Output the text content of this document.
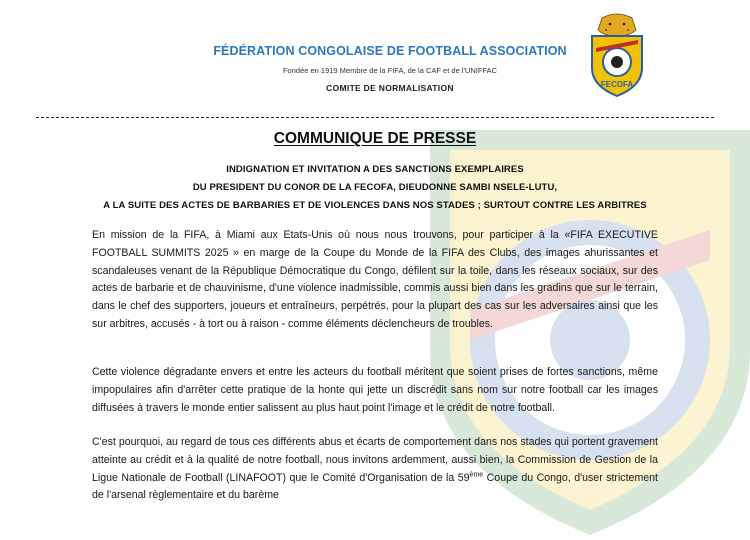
FÉDÉRATION CONGOLAISE DE FOOTBALL ASSOCIATION
Fondée en 1919 Membre de la FIFA, de la CAF et de l'UNIFFAC
COMITE DE NORMALISATION	FECOFA
COMMUNIQUE DE PRESSE
INDIGNATION ET INVITATION A DES SANCTIONS EXEMPLAIRES
DU PRESIDENT DU CONOR DE LA FECOFA, DIEUDONNE SAMBI NSELE-LUTU,
A LA SUITE DES ACTES DE BARBARIES ET DE VIOLENCES DANS NOS STADES ; SURTOUT CONTRE LES ARBITRES
En mission de la FIFA, à Miami aux Etats-Unis où nous nous trouvons, pour participer à la «FIFA EXECUTIVE FOOTBALL SUMMITS 2025 » en marge de la Coupe du Monde de la FIFA des Clubs, des images ahurissantes et scandaleuses venant de la République Démocratique du Congo, défilent sur la toile, dans les réseaux sociaux, sur des actes de barbarie et de chauvinisme, d'une violence inadmissible, commis aussi bien dans les gradins que sur le terrain, dans le chef des supporters, joueurs et entraîneurs, perpétrés, pour la plupart des cas sur les adversaires ainsi que les sur arbitres, accusés - à tort ou à raison - comme éléments déclencheurs de troubles.
Cette violence dégradante envers et entre les acteurs du football méritent que soient prises de fortes sanctions, même impopulaires afin d'arrêter cette pratique de la honte qui jette un discrédit sans nom sur notre football car les images diffusées à travers le monde entier salissent au plus haut point l'image et le crédit de notre football.
C'est pourquoi, au regard de tous ces différents abus et écarts de comportement dans nos stades qui portent gravement atteinte au crédit et à la qualité de notre football, nous invitons ardemment, aussi bien, la Commission de Gestion de la Ligue Nationale de Football (LINAFOOT) que le Comité d'Organisation de la 59ème Coupe du Congo, d'user strictement de l'arsenal règlementaire et du barème
